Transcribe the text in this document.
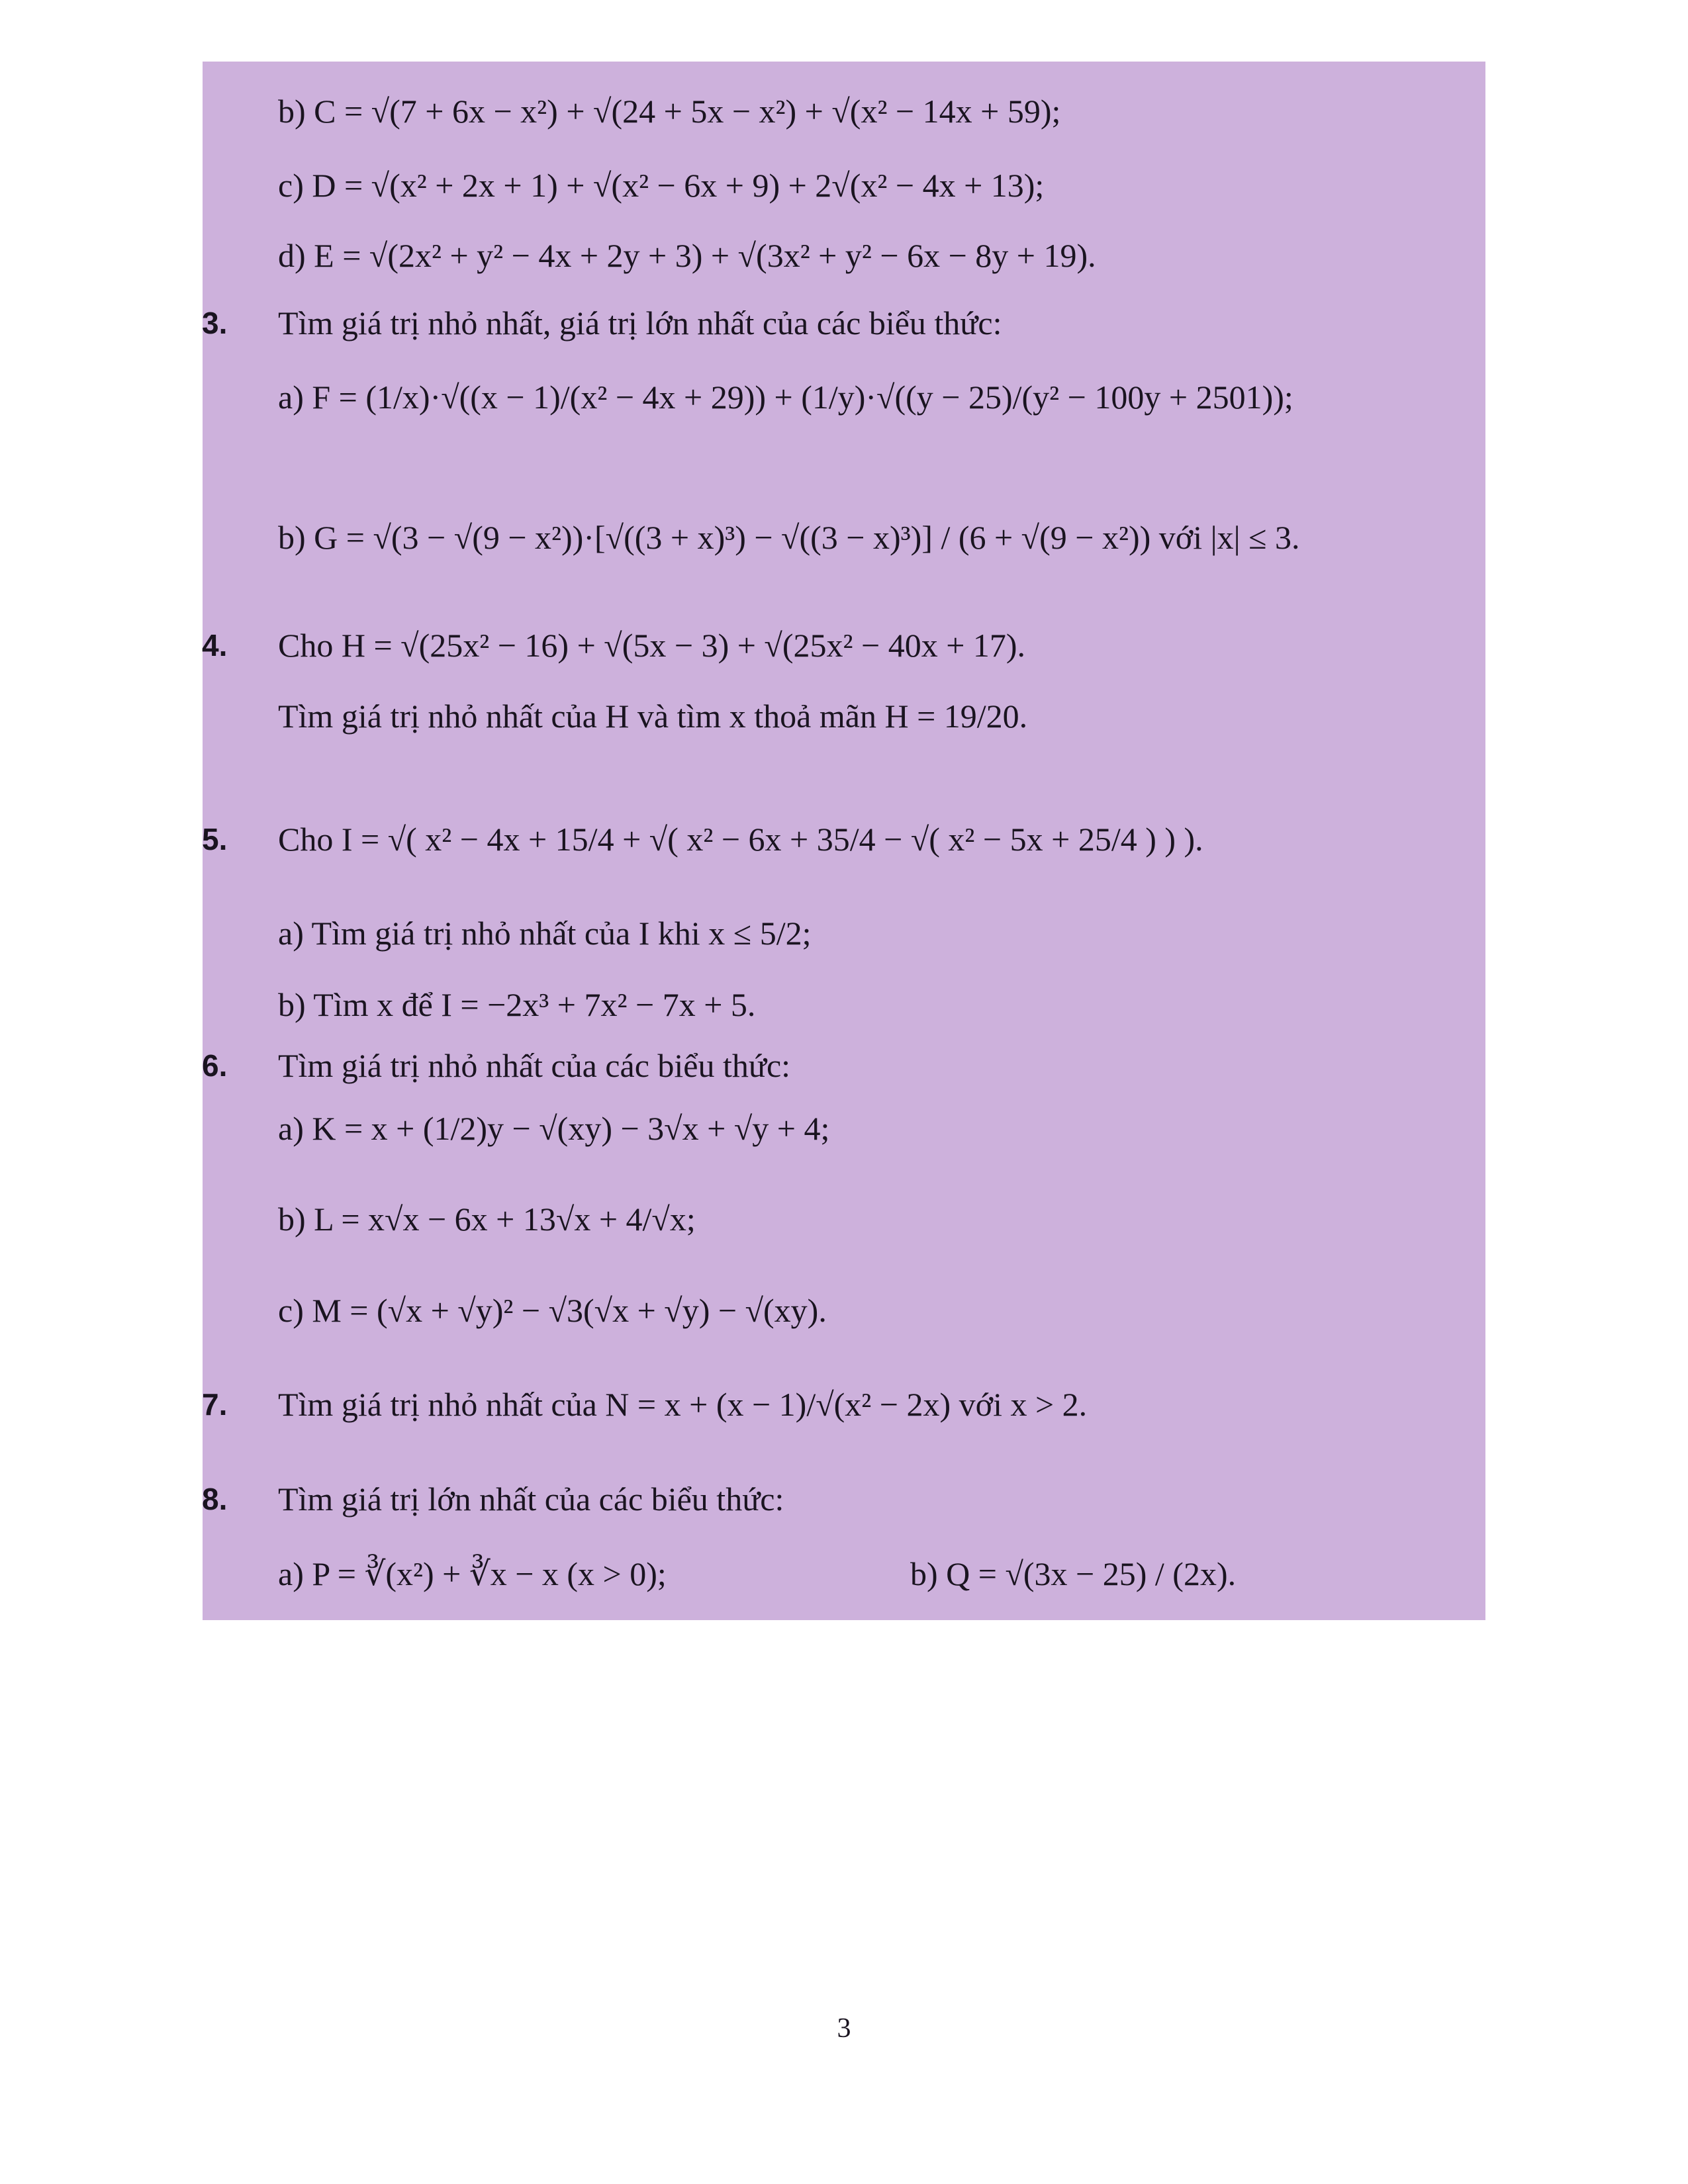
b) C = √(7 + 6x − x²) + √(24 + 5x − x²) + √(x² − 14x + 59);
c) D = √(x² + 2x + 1) + √(x² − 6x + 9) + 2√(x² − 4x + 13);
d) E = √(2x² + y² − 4x + 2y + 3) + √(3x² + y² − 6x − 8y + 19).
3. Tìm giá trị nhỏ nhất, giá trị lớn nhất của các biểu thức:
a) F = (1/x)·√((x − 1)/(x² − 4x + 29)) + (1/y)·√((y − 25)/(y² − 100y + 2501));
b) G = √(3 − √(9 − x²))·[√((3 + x)³) − √((3 − x)³)] / (6 + √(9 − x²)) với |x| ≤ 3.
4. Cho H = √(25x² − 16) + √(5x − 3) + √(25x² − 40x + 17).
Tìm giá trị nhỏ nhất của H và tìm x thoả mãn H = 19/20.
5. Cho I = √( x² − 4x + 15/4 + √( x² − 6x + 35/4 − √( x² − 5x + 25/4 ) ) ).
a) Tìm giá trị nhỏ nhất của I khi x ≤ 5/2;
b) Tìm x để I = −2x³ + 7x² − 7x + 5.
6. Tìm giá trị nhỏ nhất của các biểu thức:
a) K = x + (1/2)y − √(xy) − 3√x + √y + 4;
b) L = x√x − 6x + 13√x + 4/√x;
c) M = (√x + √y)² − √3(√x + √y) − √(xy).
7. Tìm giá trị nhỏ nhất của N = x + (x − 1)/√(x² − 2x) với x > 2.
8. Tìm giá trị lớn nhất của các biểu thức:
a) P = ∛(x²) + ∛x − x (x > 0);	b) Q = √(3x − 25) / (2x).
3
